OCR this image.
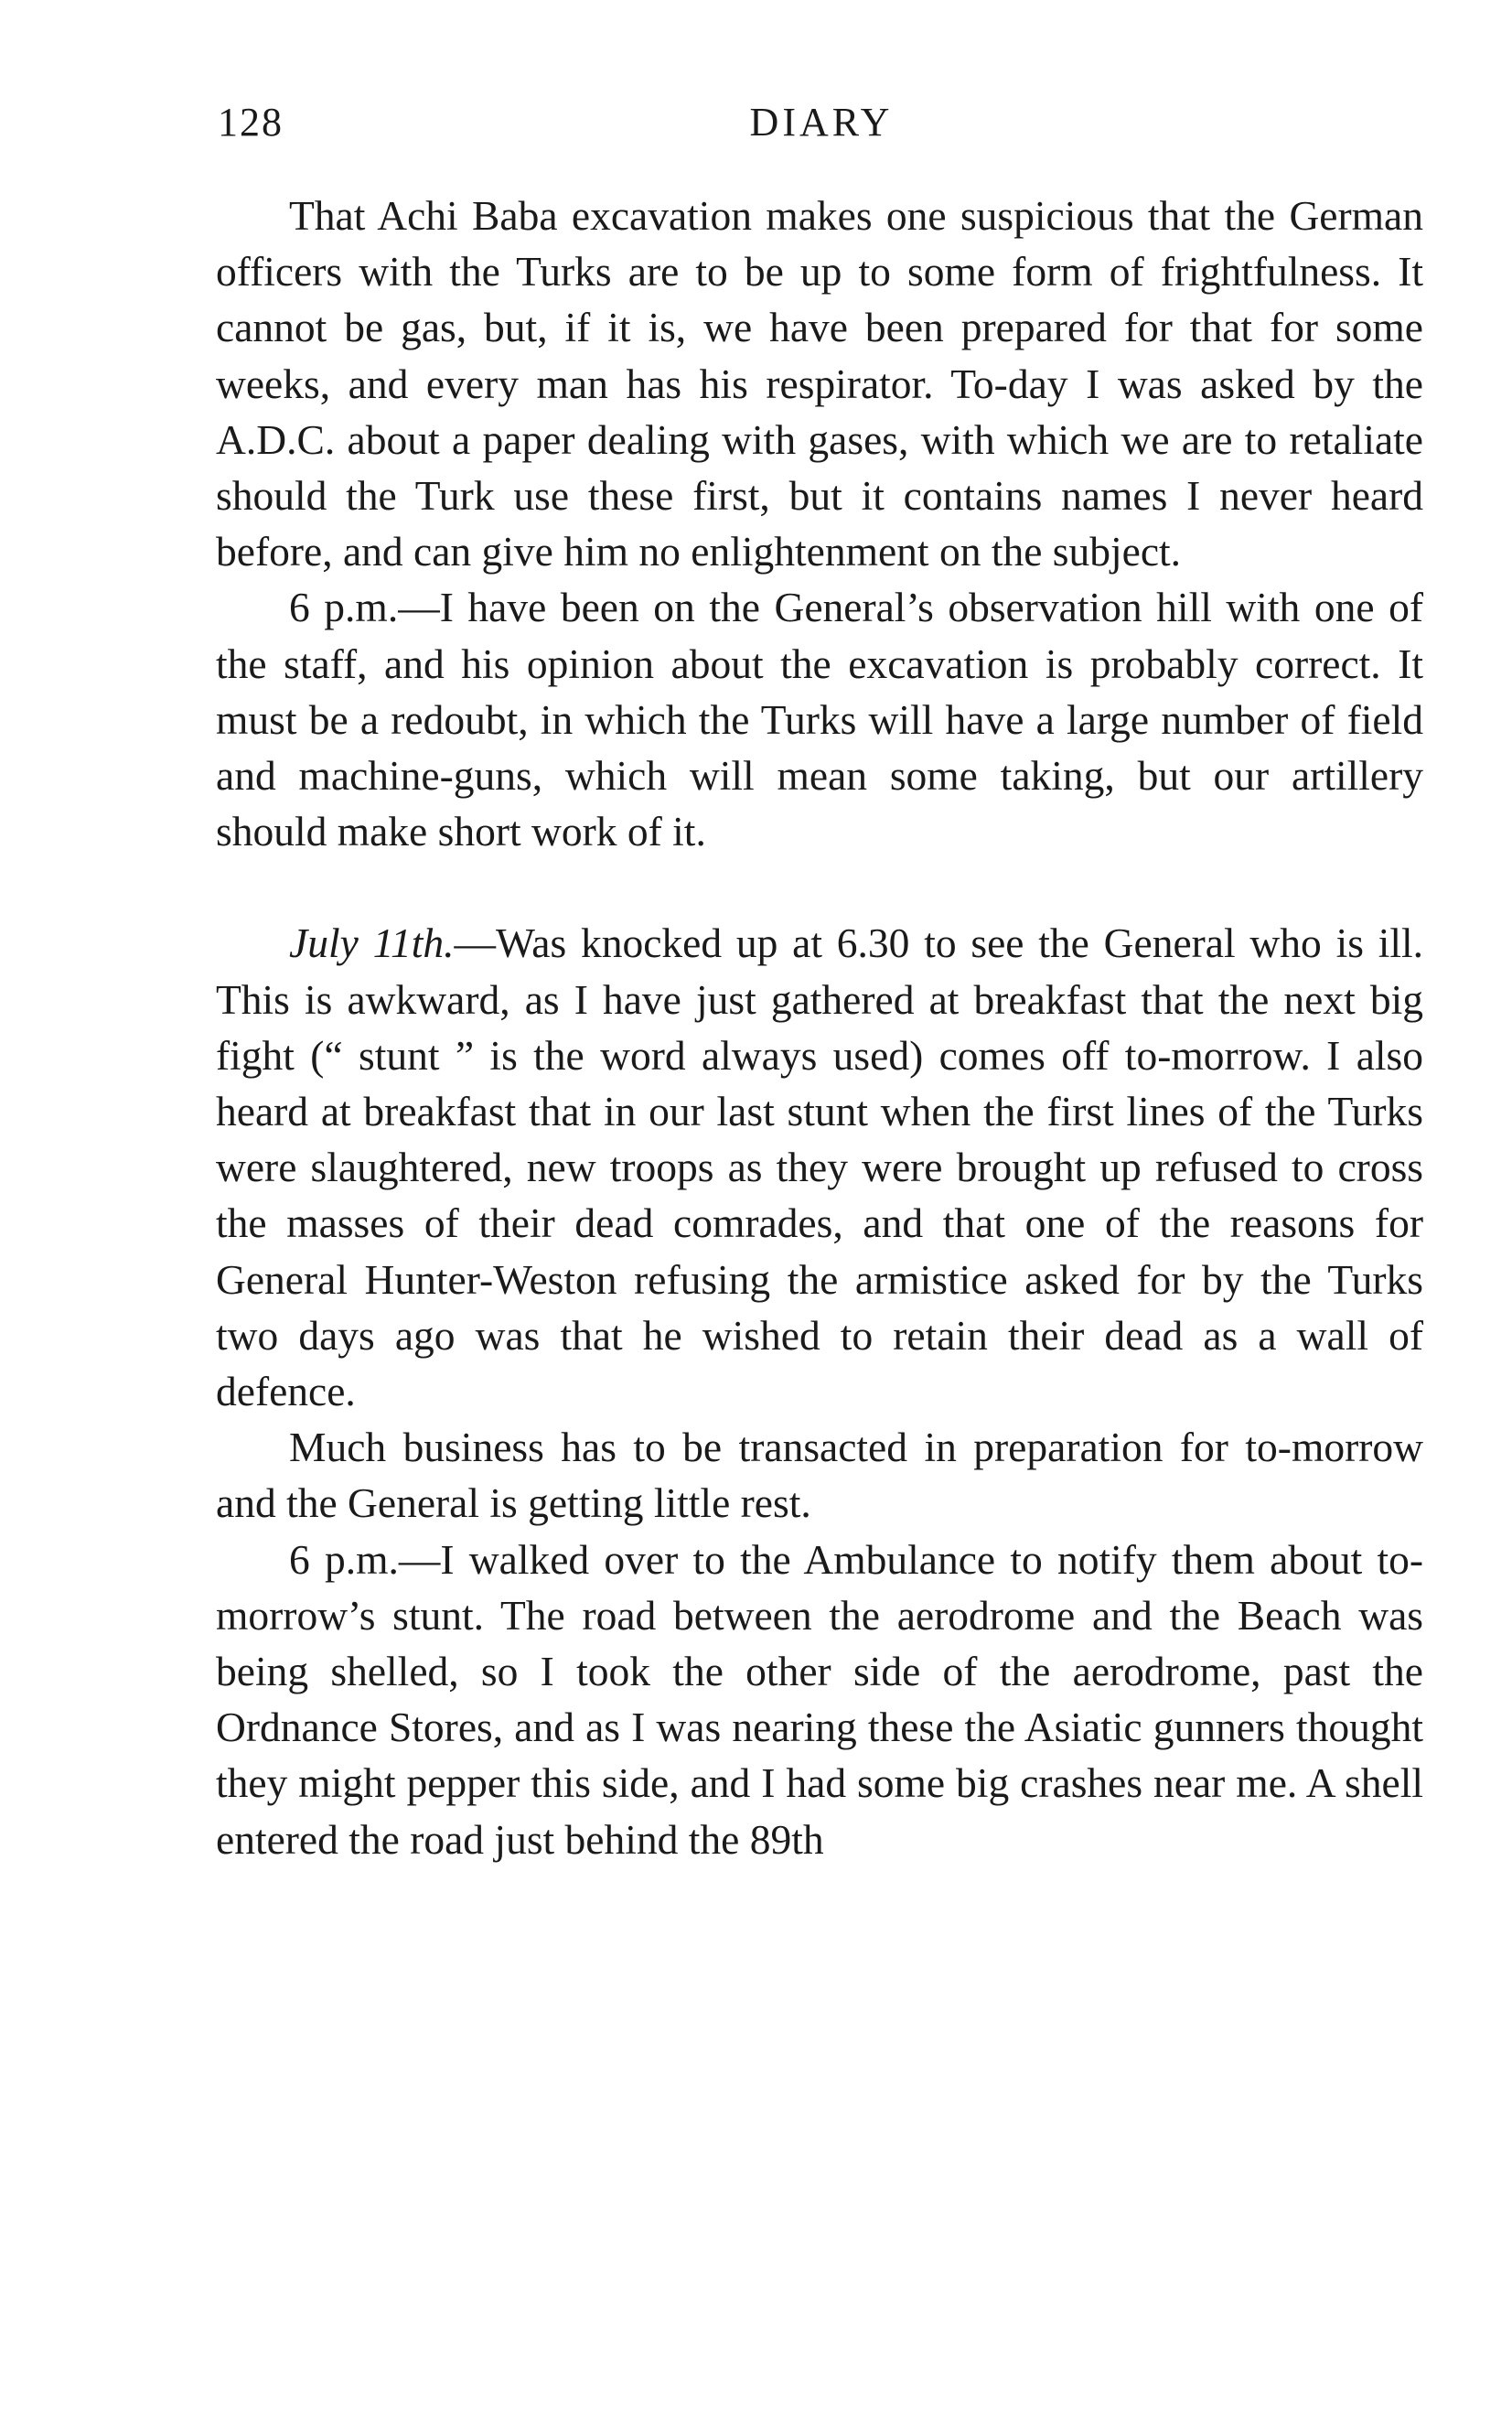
128	DIARY

That Achi Baba excavation makes one suspicious that the German officers with the Turks are to be up to some form of frightfulness. It cannot be gas, but, if it is, we have been prepared for that for some weeks, and every man has his respirator. To-day I was asked by the A.D.C. about a paper dealing with gases, with which we are to retaliate should the Turk use these first, but it contains names I never heard before, and can give him no enlightenment on the subject.

6 p.m.—I have been on the General’s observation hill with one of the staff, and his opinion about the excavation is probably correct. It must be a redoubt, in which the Turks will have a large number of field and machine-guns, which will mean some taking, but our artillery should make short work of it.

July 11th.—Was knocked up at 6.30 to see the General who is ill. This is awkward, as I have just gathered at breakfast that the next big fight (“ stunt ” is the word always used) comes off to-morrow. I also heard at breakfast that in our last stunt when the first lines of the Turks were slaughtered, new troops as they were brought up refused to cross the masses of their dead comrades, and that one of the reasons for General Hunter-Weston refusing the armistice asked for by the Turks two days ago was that he wished to retain their dead as a wall of defence.

Much business has to be transacted in preparation for to-morrow and the General is getting little rest.

6 p.m.—I walked over to the Ambulance to notify them about to-morrow’s stunt. The road between the aerodrome and the Beach was being shelled, so I took the other side of the aerodrome, past the Ordnance Stores, and as I was nearing these the Asiatic gunners thought they might pepper this side, and I had some big crashes near me. A shell entered the road just behind the 89th
